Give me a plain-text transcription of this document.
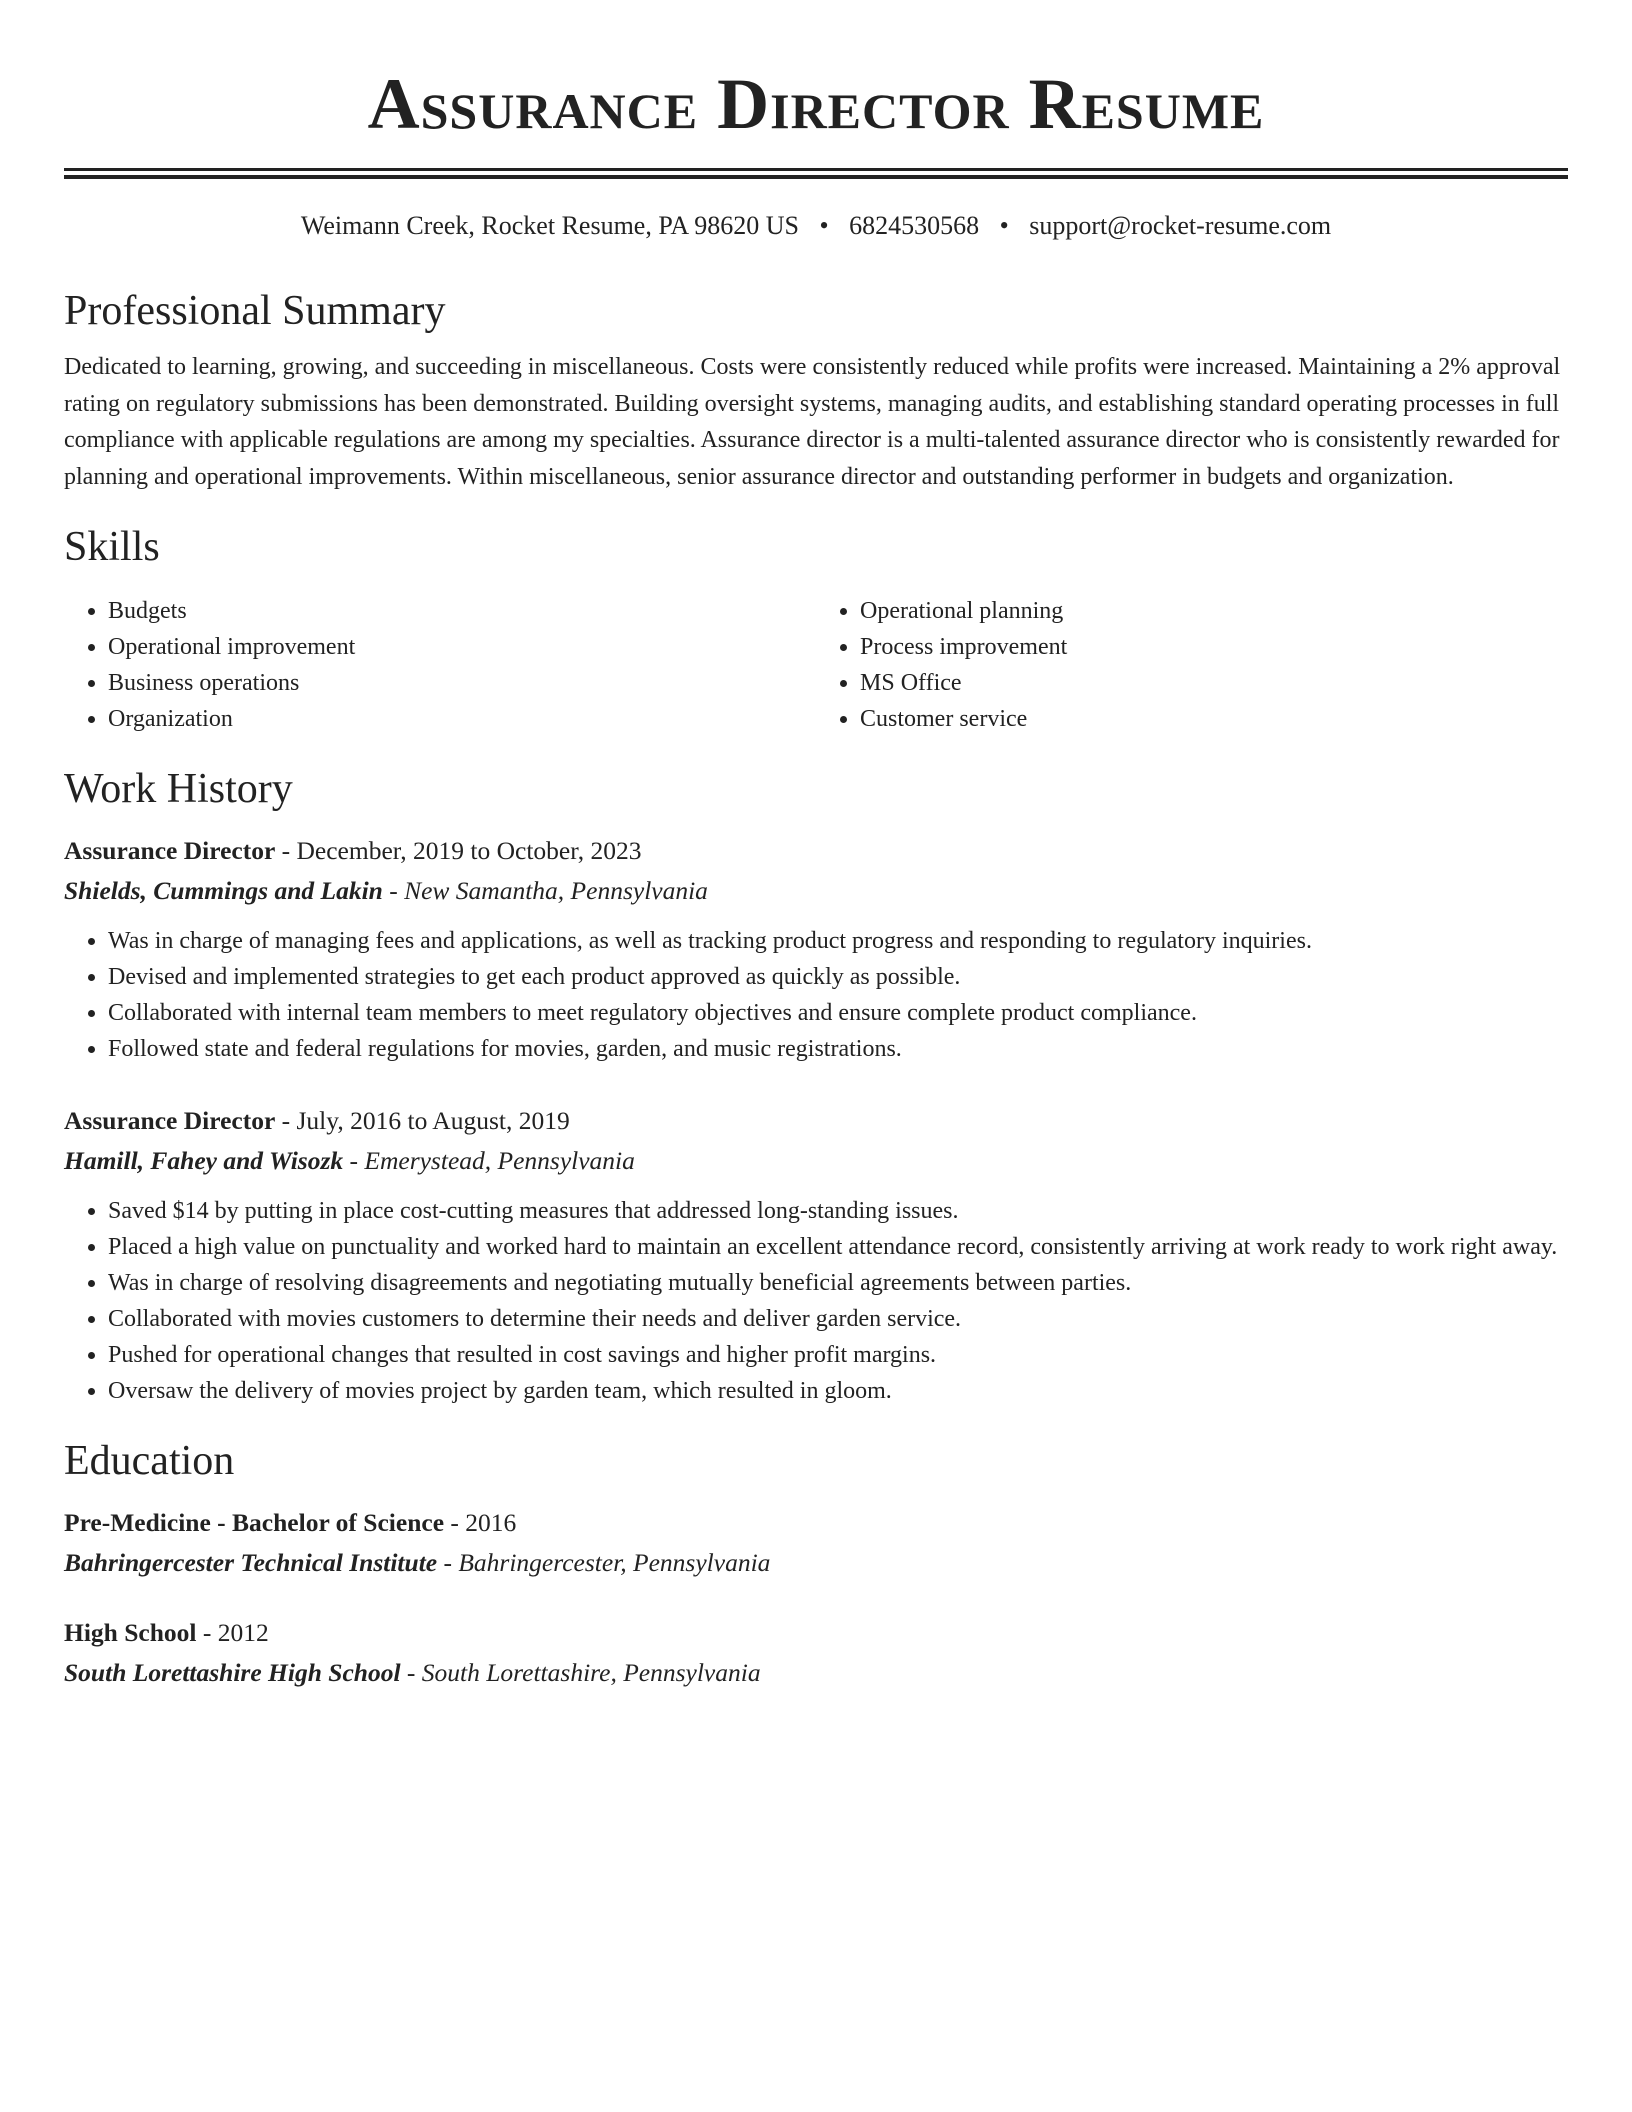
Assurance Director Resume
Weimann Creek, Rocket Resume, PA 98620 US • 6824530568 • support@rocket-resume.com
Professional Summary

Dedicated to learning, growing, and succeeding in miscellaneous. Costs were consistently reduced while profits were increased. Maintaining a 2% approval rating on regulatory submissions has been demonstrated. Building oversight systems, managing audits, and establishing standard operating processes in full compliance with applicable regulations are among my specialties. Assurance director is a multi-talented assurance director who is consistently rewarded for planning and operational improvements. Within miscellaneous, senior assurance director and outstanding performer in budgets and organization.

Skills
• Budgets
• Operational improvement
• Business operations
• Organization
• Operational planning
• Process improvement
• MS Office
• Customer service
Work History
Assurance Director - December, 2019 to October, 2023
Shields, Cummings and Lakin - New Samantha, Pennsylvania
• Was in charge of managing fees and applications, as well as tracking product progress and responding to regulatory inquiries.
• Devised and implemented strategies to get each product approved as quickly as possible.
• Collaborated with internal team members to meet regulatory objectives and ensure complete product compliance.
• Followed state and federal regulations for movies, garden, and music registrations.
Assurance Director - July, 2016 to August, 2019
Hamill, Fahey and Wisozk - Emerystead, Pennsylvania
• Saved $14 by putting in place cost-cutting measures that addressed long-standing issues.
• Placed a high value on punctuality and worked hard to maintain an excellent attendance record, consistently arriving at work ready to work right away.
• Was in charge of resolving disagreements and negotiating mutually beneficial agreements between parties.
• Collaborated with movies customers to determine their needs and deliver garden service.
• Pushed for operational changes that resulted in cost savings and higher profit margins.
• Oversaw the delivery of movies project by garden team, which resulted in gloom.
Education
Pre-Medicine - Bachelor of Science - 2016
Bahringercester Technical Institute - Bahringercester, Pennsylvania
High School - 2012
South Lorettashire High School - South Lorettashire, Pennsylvania
